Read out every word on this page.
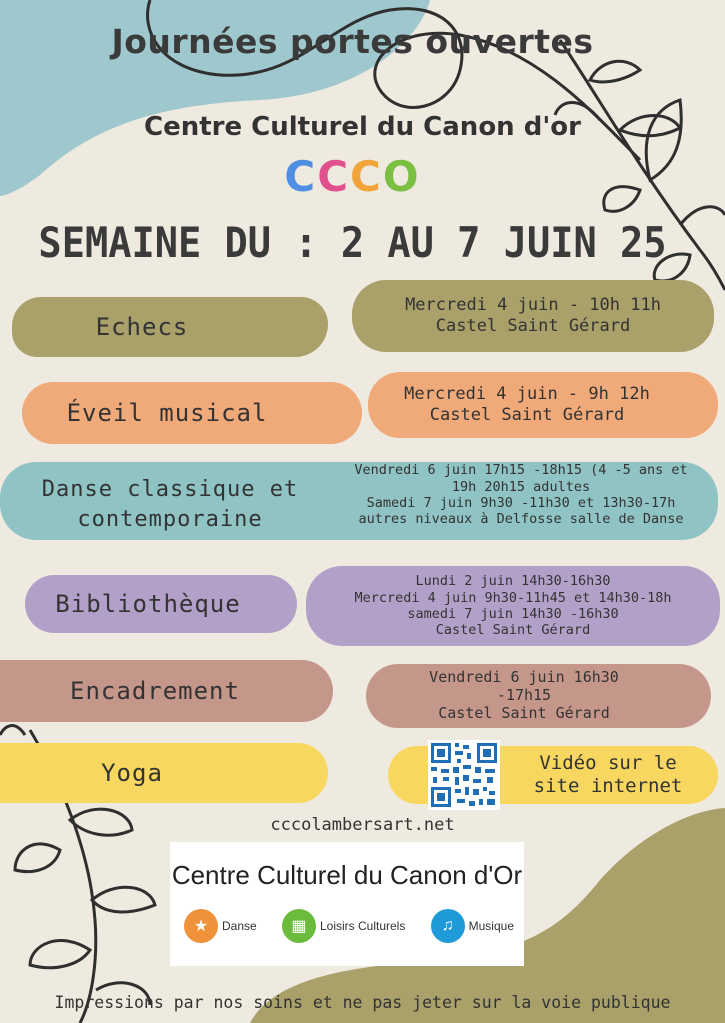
Journées portes ouvertes
Centre Culturel du Canon d'or
CCCO
SEMAINE DU : 2 AU 7 JUIN 25
Echecs
Mercredi 4 juin - 10h 11h
Castel Saint Gérard
Éveil musical
Mercredi 4 juin - 9h 12h
Castel Saint Gérard
Danse classique et contemporaine
Vendredi 6 juin 17h15 -18h15 (4 -5 ans et
19h 20h15 adultes
Samedi 7 juin 9h30 -11h30 et 13h30-17h
autres niveaux à Delfosse salle de Danse
Bibliothèque
Lundi 2 juin 14h30-16h30
Mercredi 4 juin 9h30-11h45 et 14h30-18h
samedi 7 juin 14h30 -16h30
Castel Saint Gérard
Encadrement
Vendredi 6 juin 16h30
-17h15
Castel Saint Gérard
Yoga	Vidéo sur le
site internet
cccolambersart.net
Centre Culturel du Canon d'Or
★	Danse	▦	Loisirs Culturels	♫	Musique
Impressions par nos soins et ne pas jeter sur la voie publique
